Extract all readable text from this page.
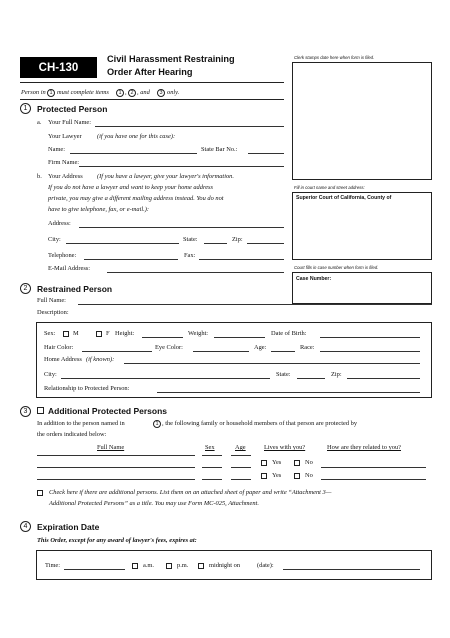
CH-130
Civil Harassment Restraining
Order After Hearing
Person in 1 must complete items 1 , 2 , and 3 only.
Clerk stamps date here when form is filed.
Fill in court name and street address:
Superior Court of California, County of
Court fills in case number when form is filed.
Case Number:
1 Protected Person
a. Your Full Name:
Your Lawyer (if you have one for this case):
Name:	State Bar No.:
Firm Name:
b. Your Address (If you have a lawyer, give your lawyer's information.
If you do not have a lawyer and want to keep your home address
private, you may give a different mailing address instead. You do not
have to give telephone, fax, or e-mail.):
Address:
City:	State:	Zip:
Telephone:	Fax:
E-Mail Address:
2 Restrained Person
Full Name:
Description:
Sex:	M	F Height:	Weight:	Date of Birth:
Hair Color:	Eye Color:	Age:	Race:
Home Address (if known):
City:	State:	Zip:
Relationship to Protected Person:
3 Additional Protected Persons
In addition to the person named in	1 , the following family or household members of that person are protected by
the orders indicated below:
Full Name	Sex	Age	Lives with you?	How are they related to you?
Yes	No
Yes	No
Check here if there are additional persons. List them on an attached sheet of paper and write “Attachment 3—
Additional Protected Persons” as a title. You may use Form MC-025, Attachment.
4 Expiration Date
This Order, except for any award of lawyer's fees, expires at:
Time:	a.m.	p.m.	midnight on	(date):
